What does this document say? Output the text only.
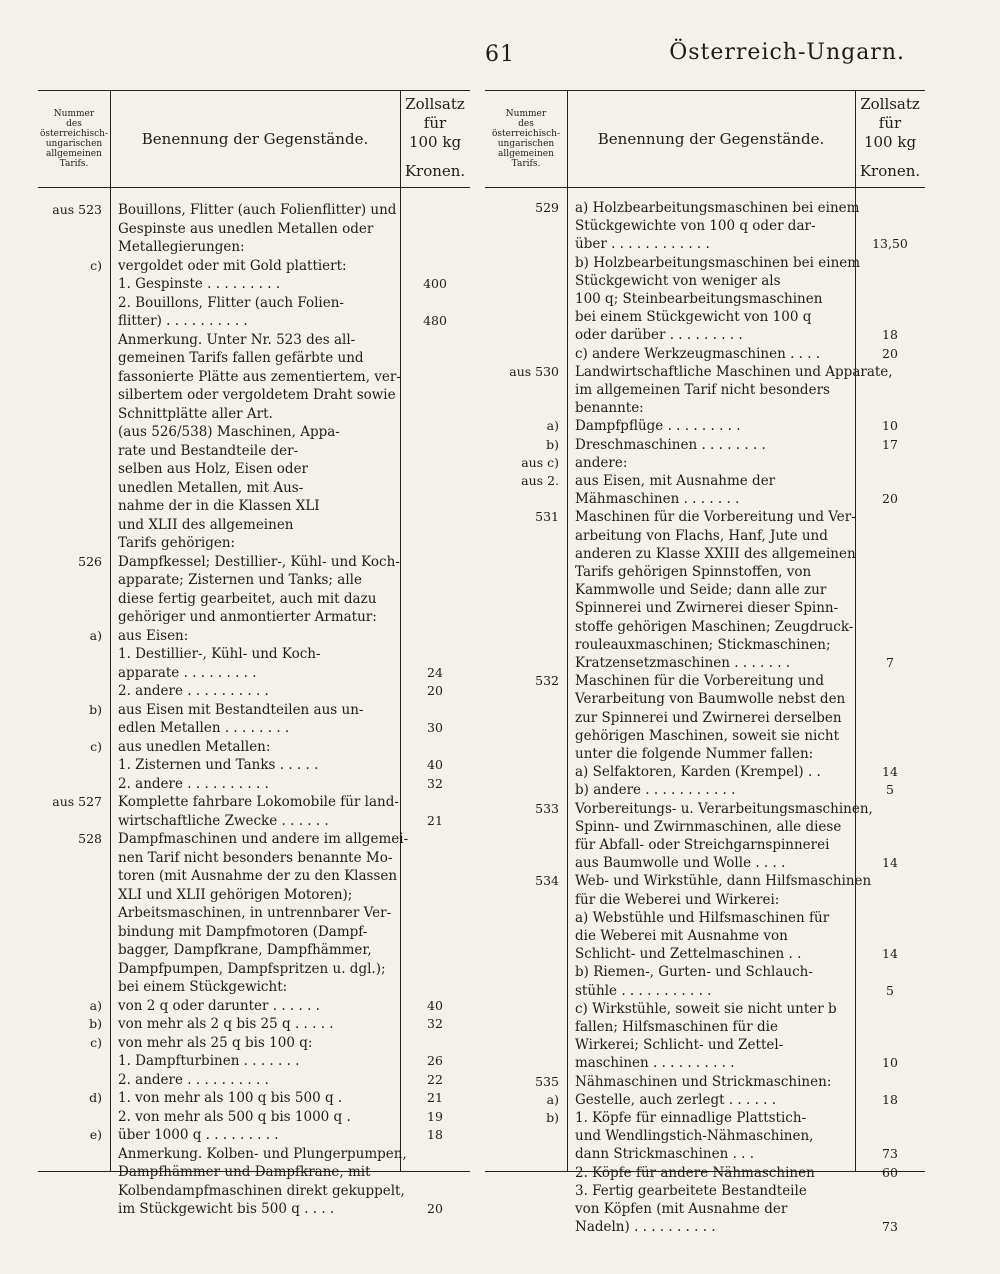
61	Österreich-Ungarn.
Nummer
des
österreichisch-
ungarischen
allgemeinen
Tarifs.
Benennung der Gegenstände.
Zollsatz
für
100 kg
Kronen.
aus 523 Bouillons, Flitter (auch Folienflitter) und
Gespinste aus unedlen Metallen oder
Metallegierungen:
c) vergoldet oder mit Gold plattiert:
1. Gespinste . . . . . . . . .	400
2. Bouillons, Flitter (auch Folien-
flitter) . . . . . . . . . .	480
Anmerkung. Unter Nr. 523 des all-
gemeinen Tarifs fallen gefärbte und
fassonierte Plätte aus zementiertem, ver-
silbertem oder vergoldetem Draht sowie
Schnittplätte aller Art.
(aus 526/538) Maschinen, Appa-
rate und Bestandteile der-
selben aus Holz, Eisen oder
unedlen Metallen, mit Aus-
nahme der in die Klassen XLI
und XLII des allgemeinen
Tarifs gehörigen:
526 Dampfkessel; Destillier-, Kühl- und Koch-
apparate; Zisternen und Tanks; alle
diese fertig gearbeitet, auch mit dazu
gehöriger und anmontierter Armatur:
a) aus Eisen:
1. Destillier-, Kühl- und Koch-
apparate . . . . . . . . .	24
2. andere . . . . . . . . . .	20
b) aus Eisen mit Bestandteilen aus un-
edlen Metallen . . . . . . . .	30
c) aus unedlen Metallen:
1. Zisternen und Tanks . . . . .	40
2. andere . . . . . . . . . .	32
aus 527 Komplette fahrbare Lokomobile für land-
wirtschaftliche Zwecke . . . . . .	21
528 Dampfmaschinen und andere im allgemei-
nen Tarif nicht besonders benannte Mo-
toren (mit Ausnahme der zu den Klassen
XLI und XLII gehörigen Motoren);
Arbeitsmaschinen, in untrennbarer Ver-
bindung mit Dampfmotoren (Dampf-
bagger, Dampfkrane, Dampfhämmer,
Dampfpumpen, Dampfspritzen u. dgl.);
bei einem Stückgewicht:
a) von 2 q oder darunter . . . . . .	40
b) von mehr als 2 q bis 25 q . . . . .	32
c) von mehr als 25 q bis 100 q:
1. Dampfturbinen . . . . . . .	26
2. andere . . . . . . . . . .	22
d) 1. von mehr als 100 q bis 500 q .	21
2. von mehr als 500 q bis 1000 q .	19
e) über 1000 q . . . . . . . . .	18
Anmerkung. Kolben- und Plungerpumpen,
Dampfhämmer und Dampfkrane, mit
Kolbendampfmaschinen direkt gekuppelt,
im Stückgewicht bis 500 q . . . .	20
Nummer
des
österreichisch-
ungarischen
allgemeinen
Tarifs.
Benennung der Gegenstände.
Zollsatz
für
100 kg
Kronen.
529 a) Holzbearbeitungsmaschinen bei einem
Stückgewichte von 100 q oder dar-
über . . . . . . . . . . . .	13,50
b) Holzbearbeitungsmaschinen bei einem
Stückgewicht von weniger als
100 q; Steinbearbeitungsmaschinen
bei einem Stückgewicht von 100 q
oder darüber . . . . . . . . .	18
c) andere Werkzeugmaschinen . . . .	20
aus 530 Landwirtschaftliche Maschinen und Apparate,
im allgemeinen Tarif nicht besonders
benannte:
a) Dampfpflüge . . . . . . . . .	10
b) Dreschmaschinen . . . . . . . .	17
aus c) andere:
aus 2. aus Eisen, mit Ausnahme der
Mähmaschinen . . . . . . .	20
531 Maschinen für die Vorbereitung und Ver-
arbeitung von Flachs, Hanf, Jute und
anderen zu Klasse XXIII des allgemeinen
Tarifs gehörigen Spinnstoffen, von
Kammwolle und Seide; dann alle zur
Spinnerei und Zwirnerei dieser Spinn-
stoffe gehörigen Maschinen; Zeugdruck-
rouleauxmaschinen; Stickmaschinen;
Kratzensetzmaschinen . . . . . . .	7
532 Maschinen für die Vorbereitung und
Verarbeitung von Baumwolle nebst den
zur Spinnerei und Zwirnerei derselben
gehörigen Maschinen, soweit sie nicht
unter die folgende Nummer fallen:
a) Selfaktoren, Karden (Krempel) . .	14
b) andere . . . . . . . . . . .	5
533 Vorbereitungs- u. Verarbeitungsmaschinen,
Spinn- und Zwirnmaschinen, alle diese
für Abfall- oder Streichgarnspinnerei
aus Baumwolle und Wolle . . . .	14
534 Web- und Wirkstühle, dann Hilfsmaschinen
für die Weberei und Wirkerei:
a) Webstühle und Hilfsmaschinen für
die Weberei mit Ausnahme von
Schlicht- und Zettelmaschinen . .	14
b) Riemen-, Gurten- und Schlauch-
stühle . . . . . . . . . . .	5
c) Wirkstühle, soweit sie nicht unter b
fallen; Hilfsmaschinen für die
Wirkerei; Schlicht- und Zettel-
maschinen . . . . . . . . . .	10
535 Nähmaschinen und Strickmaschinen:
a) Gestelle, auch zerlegt . . . . . .	18
b) 1. Köpfe für einnadlige Plattstich-
und Wendlingstich-Nähmaschinen,
dann Strickmaschinen . . .	73
2. Köpfe für andere Nähmaschinen	60
3. Fertig gearbeitete Bestandteile
von Köpfen (mit Ausnahme der
Nadeln) . . . . . . . . . .	73
